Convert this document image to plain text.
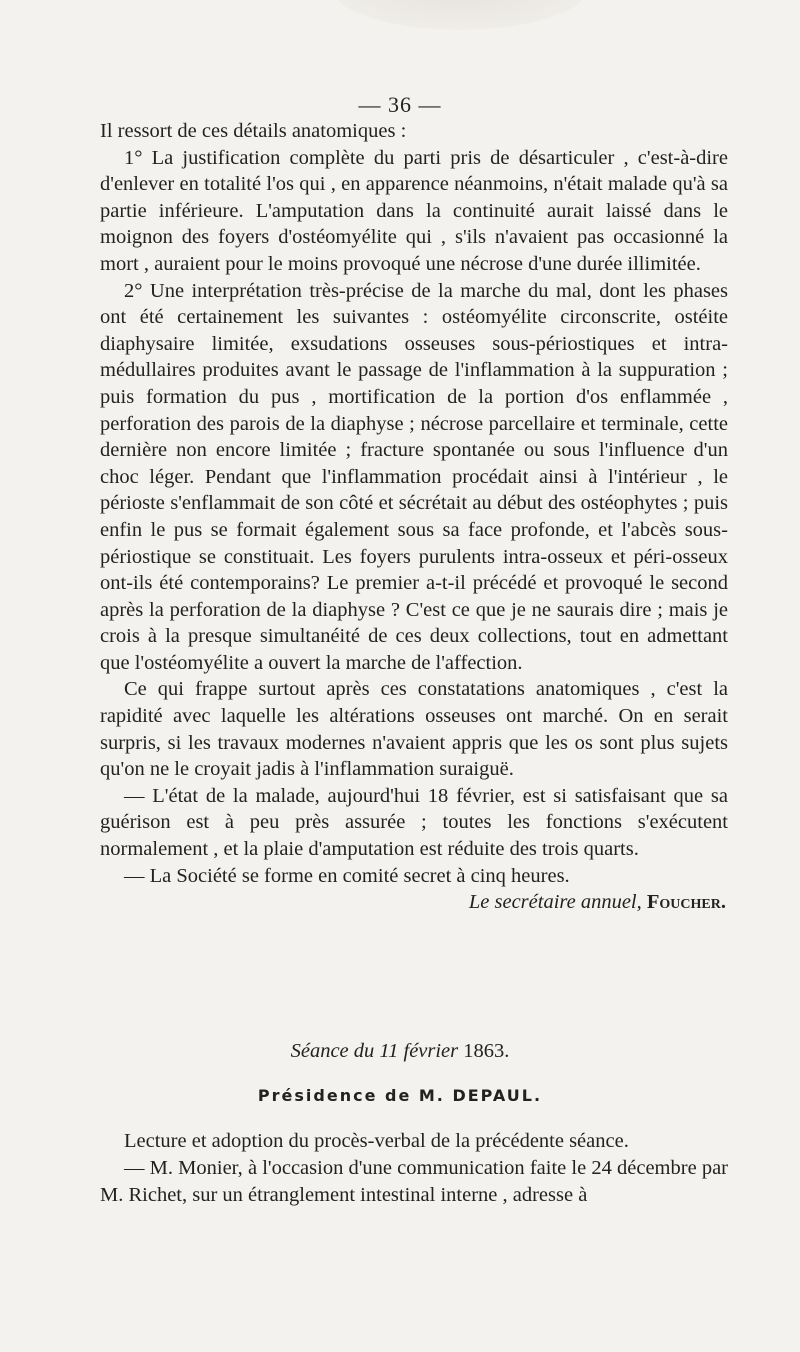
— 36 —

Il ressort de ces détails anatomiques :

1° La justification complète du parti pris de désarticuler , c'est-à-dire d'enlever en totalité l'os qui , en apparence néanmoins, n'était malade qu'à sa partie inférieure. L'amputation dans la continuité aurait laissé dans le moignon des foyers d'ostéomyélite qui , s'ils n'avaient pas occasionné la mort , auraient pour le moins provoqué une nécrose d'une durée illimitée.

2° Une interprétation très-précise de la marche du mal, dont les phases ont été certainement les suivantes : ostéomyélite circonscrite, ostéite diaphysaire limitée, exsudations osseuses sous-périostiques et intra-médullaires produites avant le passage de l'inflammation à la suppuration ; puis formation du pus , mortification de la portion d'os enflammée , perforation des parois de la diaphyse ; nécrose parcellaire et terminale, cette dernière non encore limitée ; fracture spontanée ou sous l'influence d'un choc léger. Pendant que l'inflammation procédait ainsi à l'intérieur , le périoste s'enflammait de son côté et sécrétait au début des ostéophytes ; puis enfin le pus se formait également sous sa face profonde, et l'abcès sous-périostique se constituait. Les foyers purulents intra-osseux et péri-osseux ont-ils été contemporains? Le premier a-t-il précédé et provoqué le second après la perforation de la diaphyse ? C'est ce que je ne saurais dire ; mais je crois à la presque simultanéité de ces deux collections, tout en admettant que l'ostéomyélite a ouvert la marche de l'affection.

Ce qui frappe surtout après ces constatations anatomiques , c'est la rapidité avec laquelle les altérations osseuses ont marché. On en serait surpris, si les travaux modernes n'avaient appris que les os sont plus sujets qu'on ne le croyait jadis à l'inflammation suraiguë.

— L'état de la malade, aujourd'hui 18 février, est si satisfaisant que sa guérison est à peu près assurée ; toutes les fonctions s'exécutent normalement , et la plaie d'amputation est réduite des trois quarts.

— La Société se forme en comité secret à cinq heures.

Le secrétaire annuel, Foucher.

Séance du 11 février 1863.
Présidence de M. DEPAUL.

Lecture et adoption du procès-verbal de la précédente séance.

— M. Monier, à l'occasion d'une communication faite le 24 décembre par M. Richet, sur un étranglement intestinal interne , adresse à
